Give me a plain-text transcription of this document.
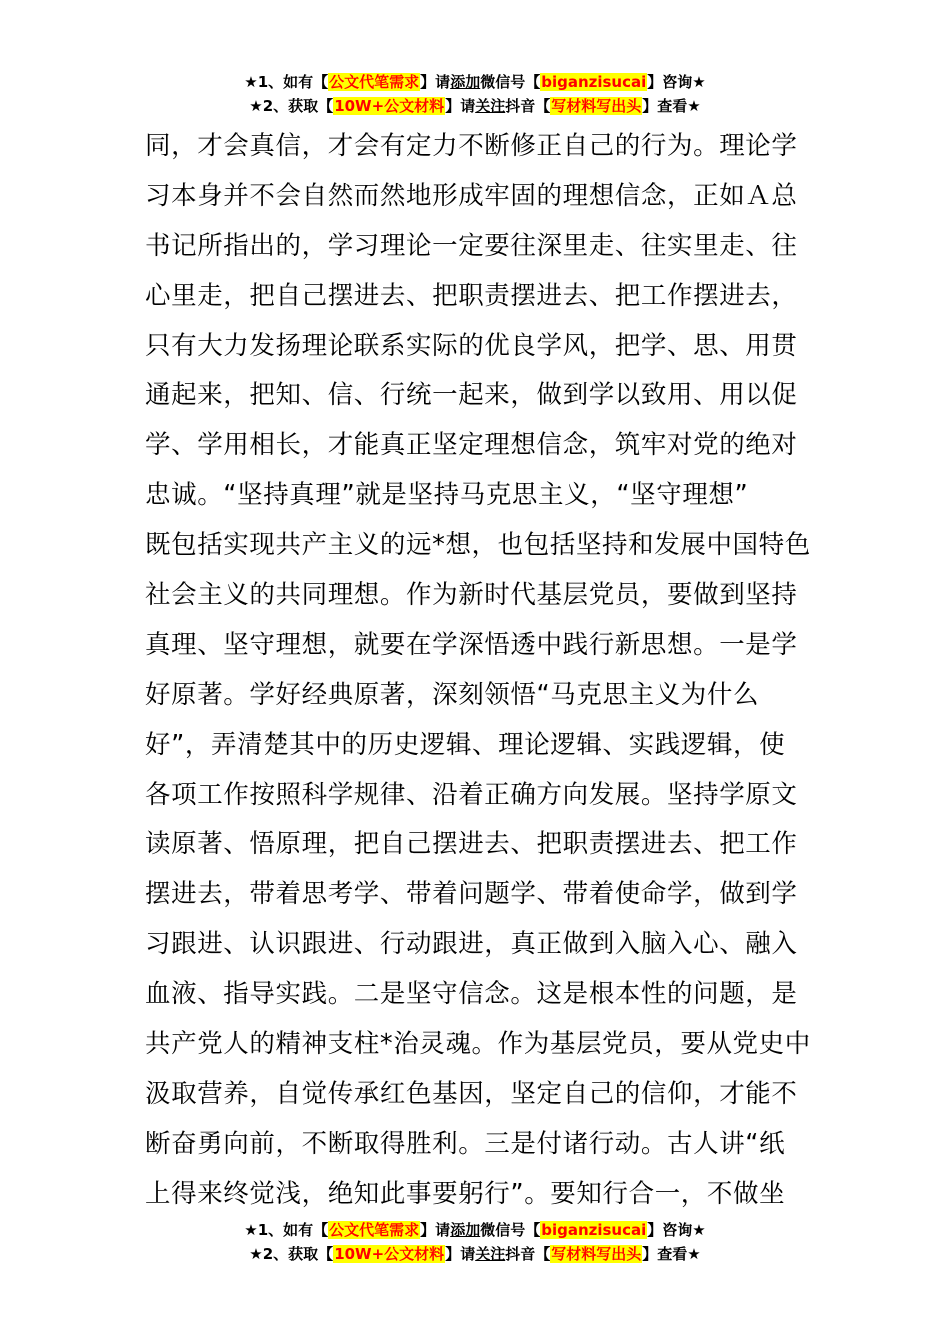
★1、如有【公文代笔需求】请添加微信号【biganzisucai】咨询★
★2、获取【10W+公文材料】请关注抖音【写材料写出头】查看★
同，才会真信，才会有定力不断修正自己的行为。理论学
习本身并不会自然而然地形成牢固的理想信念，正如Ａ总
书记所指出的，学习理论一定要往深里走、往实里走、往
心里走，把自己摆进去、把职责摆进去、把工作摆进去，
只有大力发扬理论联系实际的优良学风，把学、思、用贯
通起来，把知、信、行统一起来，做到学以致用、用以促
学、学用相长，才能真正坚定理想信念，筑牢对党的绝对
忠诚。“坚持真理”就是坚持马克思主义，“坚守理想”
既包括实现共产主义的远*想，也包括坚持和发展中国特色
社会主义的共同理想。作为新时代基层党员，要做到坚持
真理、坚守理想，就要在学深悟透中践行新思想。一是学
好原著。学好经典原著，深刻领悟“马克思主义为什么
好”，弄清楚其中的历史逻辑、理论逻辑、实践逻辑，使
各项工作按照科学规律、沿着正确方向发展。坚持学原文
读原著、悟原理，把自己摆进去、把职责摆进去、把工作
摆进去，带着思考学、带着问题学、带着使命学，做到学
习跟进、认识跟进、行动跟进，真正做到入脑入心、融入
血液、指导实践。二是坚守信念。这是根本性的问题，是
共产党人的精神支柱*治灵魂。作为基层党员，要从党史中
汲取营养，自觉传承红色基因，坚定自己的信仰，才能不
断奋勇向前，不断取得胜利。三是付诸行动。古人讲“纸
上得来终觉浅，绝知此事要躬行”。要知行合一，不做坐
★1、如有【公文代笔需求】请添加微信号【biganzisucai】咨询★
★2、获取【10W+公文材料】请关注抖音【写材料写出头】查看★
